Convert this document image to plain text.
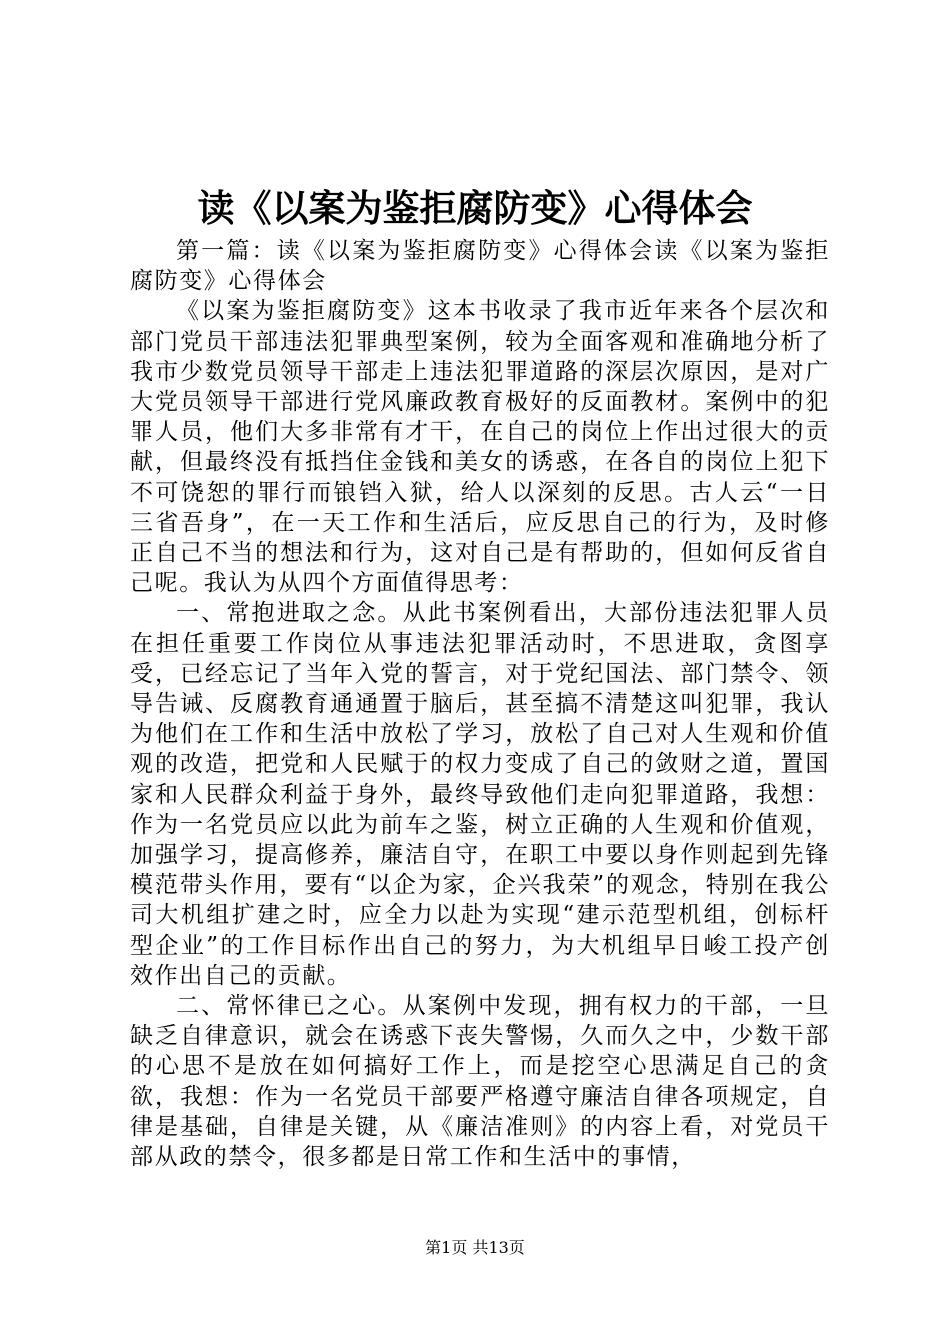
读《以案为鉴拒腐防变》心得体会

第一篇：读《以案为鉴拒腐防变》心得体会读《以案为鉴拒腐防变》心得体会

《以案为鉴拒腐防变》这本书收录了我市近年来各个层次和部门党员干部违法犯罪典型案例，较为全面客观和准确地分析了我市少数党员领导干部走上违法犯罪道路的深层次原因，是对广大党员领导干部进行党风廉政教育极好的反面教材。案例中的犯罪人员，他们大多非常有才干，在自己的岗位上作出过很大的贡献，但最终没有抵挡住金钱和美女的诱惑，在各自的岗位上犯下不可饶恕的罪行而锒铛入狱，给人以深刻的反思。古人云“一日三省吾身”，在一天工作和生活后，应反思自己的行为，及时修正自己不当的想法和行为，这对自己是有帮助的，但如何反省自己呢。我认为从四个方面值得思考：

一、常抱进取之念。从此书案例看出，大部份违法犯罪人员在担任重要工作岗位从事违法犯罪活动时，不思进取，贪图享受，已经忘记了当年入党的誓言，对于党纪国法、部门禁令、领导告诫、反腐教育通通置于脑后，甚至搞不清楚这叫犯罪，我认为他们在工作和生活中放松了学习，放松了自己对人生观和价值观的改造，把党和人民赋于的权力变成了自己的敛财之道，置国家和人民群众利益于身外，最终导致他们走向犯罪道路，我想：作为一名党员应以此为前车之鉴，树立正确的人生观和价值观，加强学习，提高修养，廉洁自守，在职工中要以身作则起到先锋模范带头作用，要有“以企为家，企兴我荣”的观念，特别在我公司大机组扩建之时，应全力以赴为实现“建示范型机组，创标杆型企业”的工作目标作出自己的努力，为大机组早日峻工投产创效作出自己的贡献。

二、常怀律已之心。从案例中发现，拥有权力的干部，一旦缺乏自律意识，就会在诱惑下丧失警惕，久而久之中，少数干部的心思不是放在如何搞好工作上，而是挖空心思满足自己的贪欲，我想：作为一名党员干部要严格遵守廉洁自律各项规定，自律是基础，自律是关键，从《廉洁准则》的内容上看，对党员干部从政的禁令，很多都是日常工作和生活中的事情，

第1页 共13页
